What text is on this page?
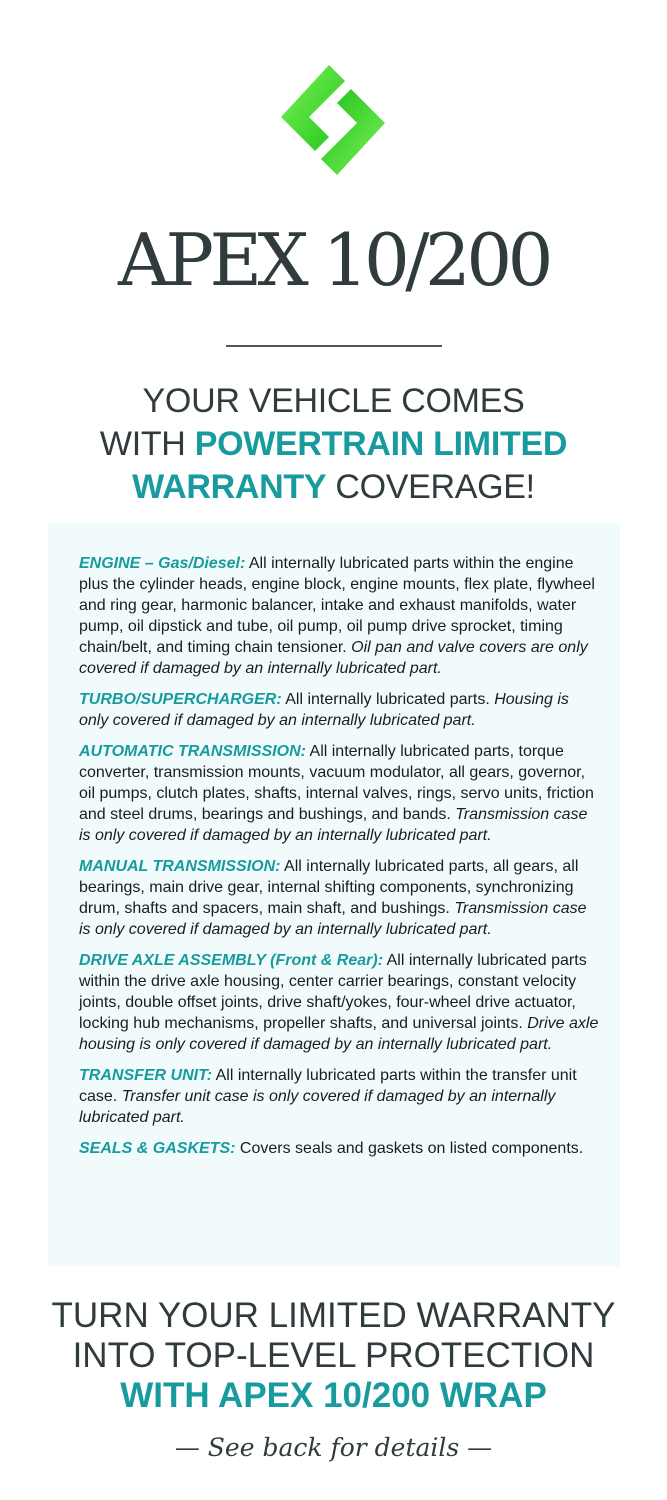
APEX 10/200
YOUR VEHICLE COMES
WITH POWERTRAIN LIMITED
WARRANTY COVERAGE!

ENGINE – Gas/Diesel: All internally lubricated parts within the engine plus the cylinder heads, engine block, engine mounts, flex plate, flywheel and ring gear, harmonic balancer, intake and exhaust manifolds, water pump, oil dipstick and tube, oil pump, oil pump drive sprocket, timing chain/belt, and timing chain tensioner. Oil pan and valve covers are only covered if damaged by an internally lubricated part.

TURBO/SUPERCHARGER: All internally lubricated parts. Housing is only covered if damaged by an internally lubricated part.

AUTOMATIC TRANSMISSION: All internally lubricated parts, torque converter, transmission mounts, vacuum modulator, all gears, governor, oil pumps, clutch plates, shafts, internal valves, rings, servo units, friction and steel drums, bearings and bushings, and bands. Transmission case is only covered if damaged by an internally lubricated part.

MANUAL TRANSMISSION: All internally lubricated parts, all gears, all bearings, main drive gear, internal shifting components, synchronizing drum, shafts and spacers, main shaft, and bushings. Transmission case is only covered if damaged by an internally lubricated part.

DRIVE AXLE ASSEMBLY (Front & Rear): All internally lubricated parts within the drive axle housing, center carrier bearings, constant velocity joints, double offset joints, drive shaft/yokes, four-wheel drive actuator, locking hub mechanisms, propeller shafts, and universal joints. Drive axle housing is only covered if damaged by an internally lubricated part.

TRANSFER UNIT: All internally lubricated parts within the transfer unit case. Transfer unit case is only covered if damaged by an internally lubricated part.

SEALS & GASKETS: Covers seals and gaskets on listed components.

TURN YOUR LIMITED WARRANTY
INTO TOP-LEVEL PROTECTION
WITH APEX 10/200 WRAP
— See back for details —
